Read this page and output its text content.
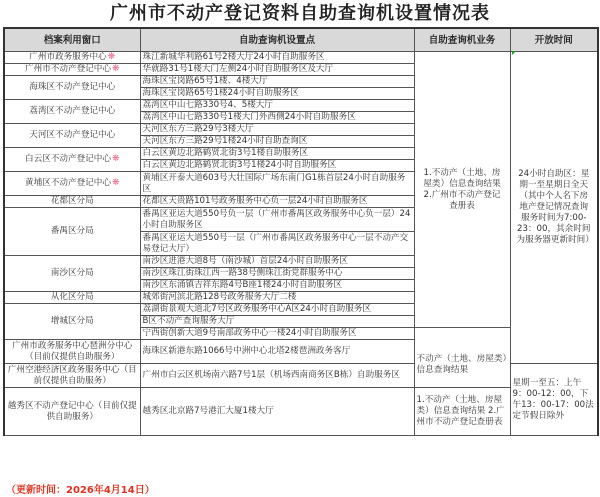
广州市不动产登记资料自助查询机设置情况表
档案利用窗口	自助查询机设置点	自助查询机业务	开放时间
广州市政务服务中心❋	珠江新城华利路61号2楼大厅24小时自助服务区	1.不动产（土地、房屋类）信息查询结果 2.广州市不动产登记查册表	24小时自助区：星期一至星期日全天（其中个人名下房地产登记情况查询服务时间为7:00-23：00，其余时间为服务器更新时间）
广州市不动产登记中心❋	华就路31号1楼大门左侧24小时自助服务区及大厅		
海珠区不动产登记中心	海珠区宝岗路65号1楼、4楼大厅		
	海珠区宝岗路65号1楼24小时自助服务区		
荔湾区不动产登记中心	荔湾区中山七路330号4、5楼大厅		
	荔湾区中山七路330号1楼大门外西侧24小时自助服务区		
天河区不动产登记中心	天河区东方三路29号3楼大厅		
	天河区东方三路29号1楼24小时自助查询区		
白云区不动产登记中心❋	白云区黄边北路鹤贤北街3号1楼自助服务区		
	白云区黄边北路鹤贤北街3号1楼24小时自助服务区		
黄埔区不动产登记中心❋	黄埔区开泰大道603号大壮国际广场东南门G1栋首层24小时自助服务区		
花都区分局	花都区天贵路101号政务服务中心负一层24小时自助服务区		
番禺区分局	番禺区亚运大道550号负一层（广州市番禺区政务服务中心负一层）24小时自助服务区		
	番禺区亚运大道550号一层（广州市番禺区政务服务中心一层不动产交易登记大厅）		
南沙区分局	南沙区进港大道8号（南沙城）首层24小时自助服务区		
	南沙区珠江街珠江西一路38号侧珠江街党群服务中心		
	南沙区东涌镇吉祥东路4号B座1楼24小时自助服务区		
从化区分局	城郊街河滨北路128号政务服务大厅二楼		
增城区分局	荔湖街景观大道北7号区政务服务中心A区24小时自助服务区		
	B区不动产查询服务大厅		
	宁西街创新大道9号南部政务中心一楼24小时自助服务区	不动产（土地、房屋类）信息查询结果	
广州市政务服务中心琶洲分中心（目前仅提供自助服务）	海珠区新港东路1066号中洲中心北塔2楼琶洲政务客厅		
广州空港经济区政务服务中心（目前仅提供自助服务）	广州市白云区机场南六路7号1层（机场西南商务区B栋）自助服务区		星期一至五：上午9：00-12：00，下午13：00-17：00法定节假日除外
越秀区不动产登记中心（目前仅提供自助服务）	越秀区北京路7号港汇大厦1楼大厅	1.不动产（土地、房屋类）信息查询结果 2.广州市不动产登记查册表	
（更新时间：2026年4月14日）
